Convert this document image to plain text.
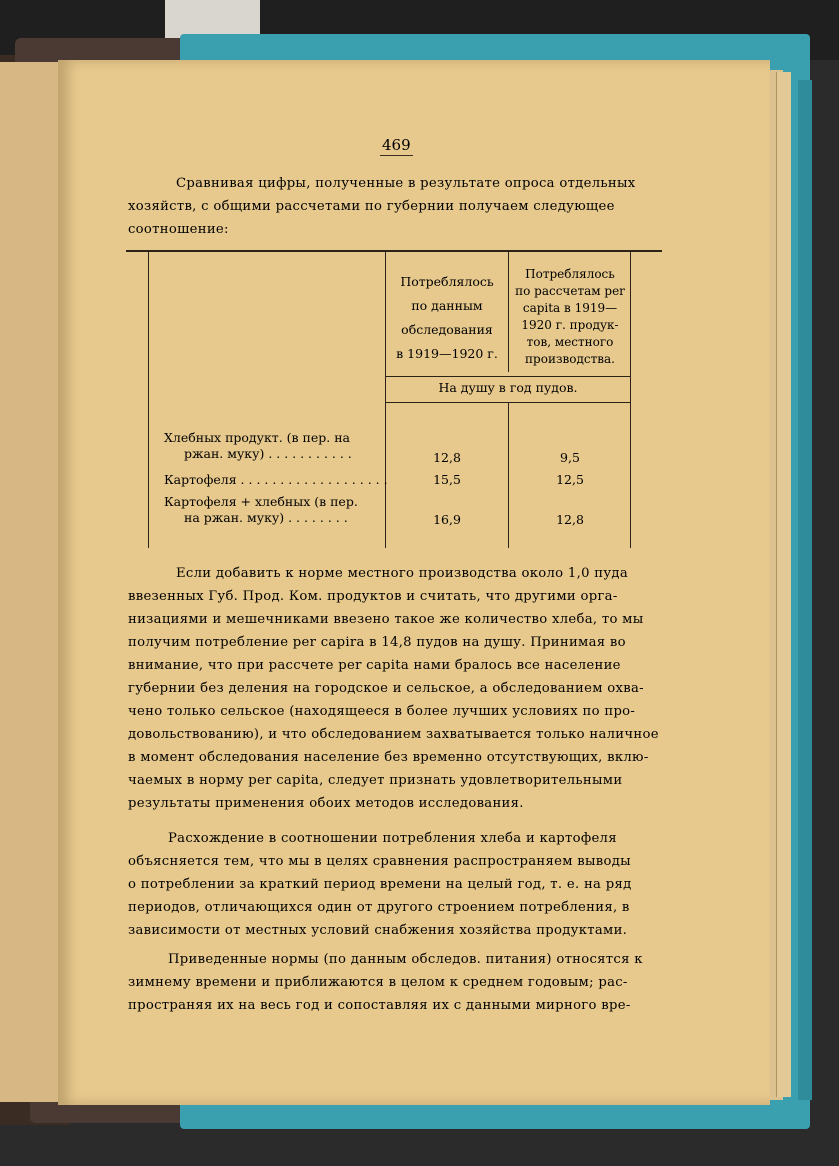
469
Сравнивая цифры, полученные в результате опроса отдельных
хозяйств, с общими рассчетами по губернии получаем следующее
соотношение:
Потреблялось
по данным
обследования
в 1919—1920 г.
Потреблялось
по рассчетам per
capita в 1919—
1920 г. продук-
тов, местного
производства.
На душу в год пудов.
Хлебных продукт. (в пер. на
ржан. муку) . . . . . . . . . . .	12,8	9,5
Картофеля . . . . . . . . . . . . . . . . . . .	15,5	12,5
Картофеля + хлебных (в пер.
на ржан. муку) . . . . . . . .	16,9	12,8
Если добавить к норме местного производства около 1,0 пуда
ввезенных Губ. Прод. Ком. продуктов и считать, что другими орга-
низациями и мешечниками ввезено такое же количество хлеба, то мы
получим потребление per capira в 14,8 пудов на душу. Принимая во
внимание, что при рассчете per capita нами бралось все население
губернии без деления на городское и сельское, а обследованием охва-
чено только сельское (находящееся в более лучших условиях по про-
довольствованию), и что обследованием захватывается только наличное
в момент обследования население без временно отсутствующих, вклю-
чаемых в норму per capita, следует признать удовлетворительными
результаты применения обоих методов исследования.
Расхождение в соотношении потребления хлеба и картофеля
объясняется тем, что мы в целях сравнения распространяем выводы
о потреблении за краткий период времени на целый год, т. е. на ряд
периодов, отличающихся один от другого строением потребления, в
зависимости от местных условий снабжения хозяйства продуктами.
Приведенные нормы (по данным обследов. питания) относятся к
зимнему времени и приближаются в целом к среднем годовым; рас-
пространяя их на весь год и сопоставляя их с данными мирного вре-
